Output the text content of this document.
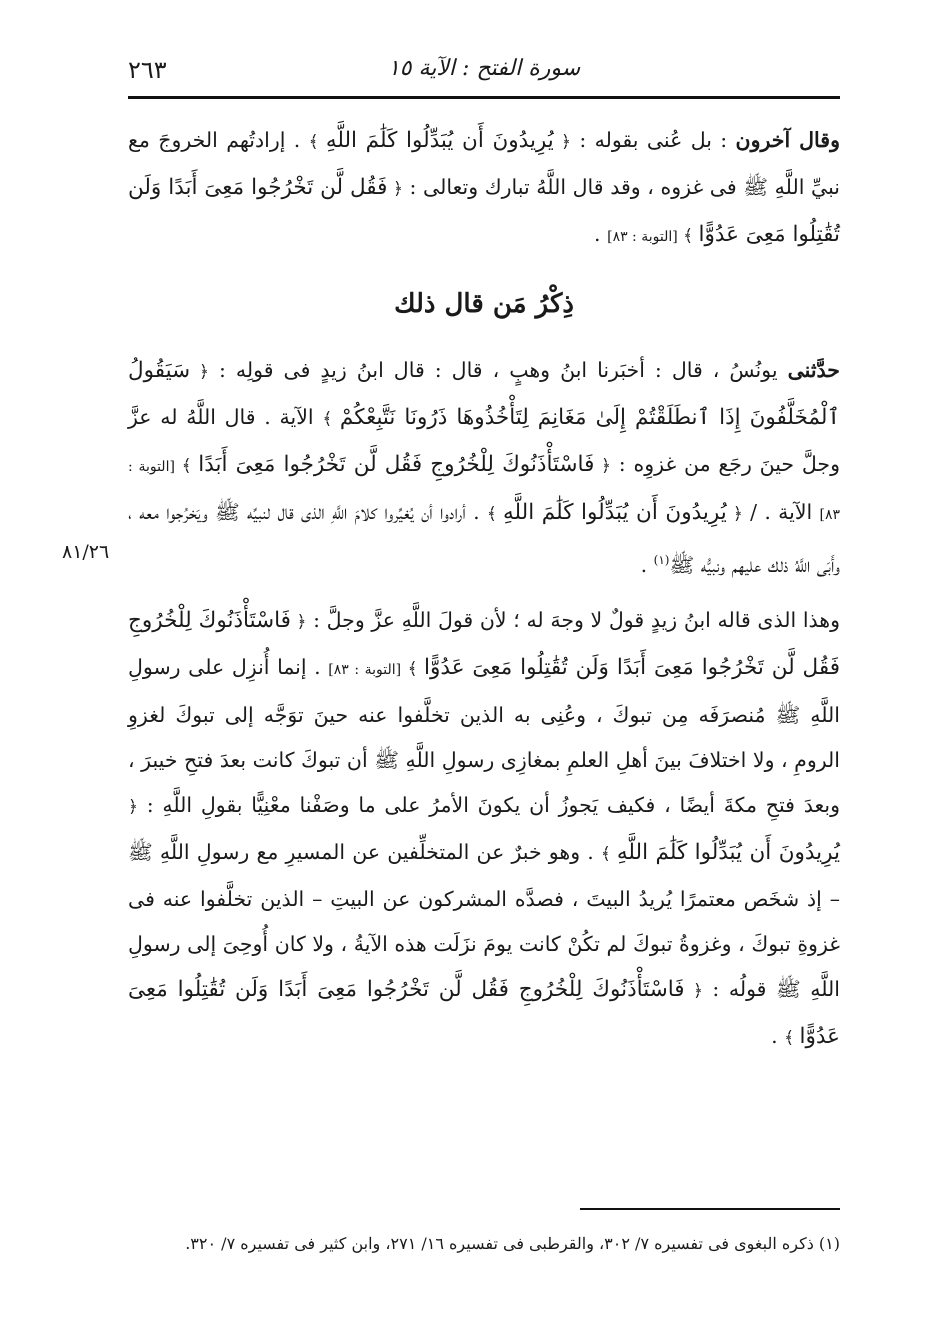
٢٦٣	سورة الفتح : الآية ١٥
٨١/٢٦

وقال آخرون : بل عُنى بقوله : ﴿ يُرِيدُونَ أَن يُبَدِّلُوا كَلَٰمَ اللَّهِ ﴾ . إرادتُهم الخروجَ مع نبيِّ اللَّهِ ﷺ فى غزوه ، وقد قال اللَّهُ تبارك وتعالى : ﴿ فَقُل لَّن تَخْرُجُوا مَعِىَ أَبَدًا وَلَن تُقَٰتِلُوا مَعِىَ عَدُوًّا ﴾ [التوبة : ٨٣] .

ذِكْرُ مَن قال ذلك

حدَّثنى يونُسُ ، قال : أخبَرنا ابنُ وهبٍ ، قال : قال ابنُ زيدٍ فى قولِه : ﴿ سَيَقُولُ ٱلْمُخَلَّفُونَ إِذَا ٱنطَلَقْتُمْ إِلَىٰ مَغَانِمَ لِتَأْخُذُوهَا ذَرُونَا نَتَّبِعْكُمْ ﴾ الآية . قال اللَّهُ له عزَّ وجلَّ حينَ رجَع من غزوِه : ﴿ فَاسْتَأْذَنُوكَ لِلْخُرُوجِ فَقُل لَّن تَخْرُجُوا مَعِىَ أَبَدًا ﴾ [التوبة : ٨٣] الآية . / ﴿ يُرِيدُونَ أَن يُبَدِّلُوا كَلَٰمَ اللَّهِ ﴾ . أرادوا أن يُغيِّروا كلامَ اللَّهِ الذى قال لنبيِّه ﷺ ويَخرُجوا معه ، وأَبَى اللَّهُ ذلك عليهم ونبيُّه ﷺ$^{(١)}$ .

وهذا الذى قاله ابنُ زيدٍ قولٌ لا وجهَ له ؛ لأن قولَ اللَّهِ عزَّ وجلَّ : ﴿ فَاسْتَأْذَنُوكَ لِلْخُرُوجِ فَقُل لَّن تَخْرُجُوا مَعِىَ أَبَدًا وَلَن تُقَٰتِلُوا مَعِىَ عَدُوًّا ﴾ [التوبة : ٨٣] . إنما أُنزِل على رسولِ اللَّهِ ﷺ مُنصرَفَه مِن تبوكَ ، وعُنِى به الذين تخلَّفوا عنه حينَ توَجَّه إلى تبوكَ لغزوِ الرومِ ، ولا اختلافَ بينَ أهلِ العلمِ بمغازِى رسولِ اللَّهِ ﷺ أن تبوكَ كانت بعدَ فتحِ خيبرَ ، وبعدَ فتحِ مكةَ أيضًا ، فكيف يَجوزُ أن يكونَ الأمرُ على ما وصَفْنا معْنِيًّا بقولِ اللَّهِ : ﴿ يُرِيدُونَ أَن يُبَدِّلُوا كَلَٰمَ اللَّهِ ﴾ . وهو خبرٌ عن المتخلِّفين عن المسيرِ مع رسولِ اللَّهِ ﷺ – إذ شخَص معتمرًا يُريدُ البيتَ ، فصدَّه المشركون عن البيتِ – الذين تخلَّفوا عنه فى غزوةِ تبوكَ ، وغزوةُ تبوكَ لم تكُنْ كانت يومَ نزَلَت هذه الآيةُ ، ولا كان أُوحِىَ إلى رسولِ اللَّهِ ﷺ قولُه : ﴿ فَاسْتَأْذَنُوكَ لِلْخُرُوجِ فَقُل لَّن تَخْرُجُوا مَعِىَ أَبَدًا وَلَن تُقَٰتِلُوا مَعِىَ عَدُوًّا ﴾ .

(١) ذكره البغوى فى تفسيره ٧/ ٣٠٢، والقرطبى فى تفسيره ١٦/ ٢٧١، وابن كثير فى تفسيره ٧/ ٣٢٠.
